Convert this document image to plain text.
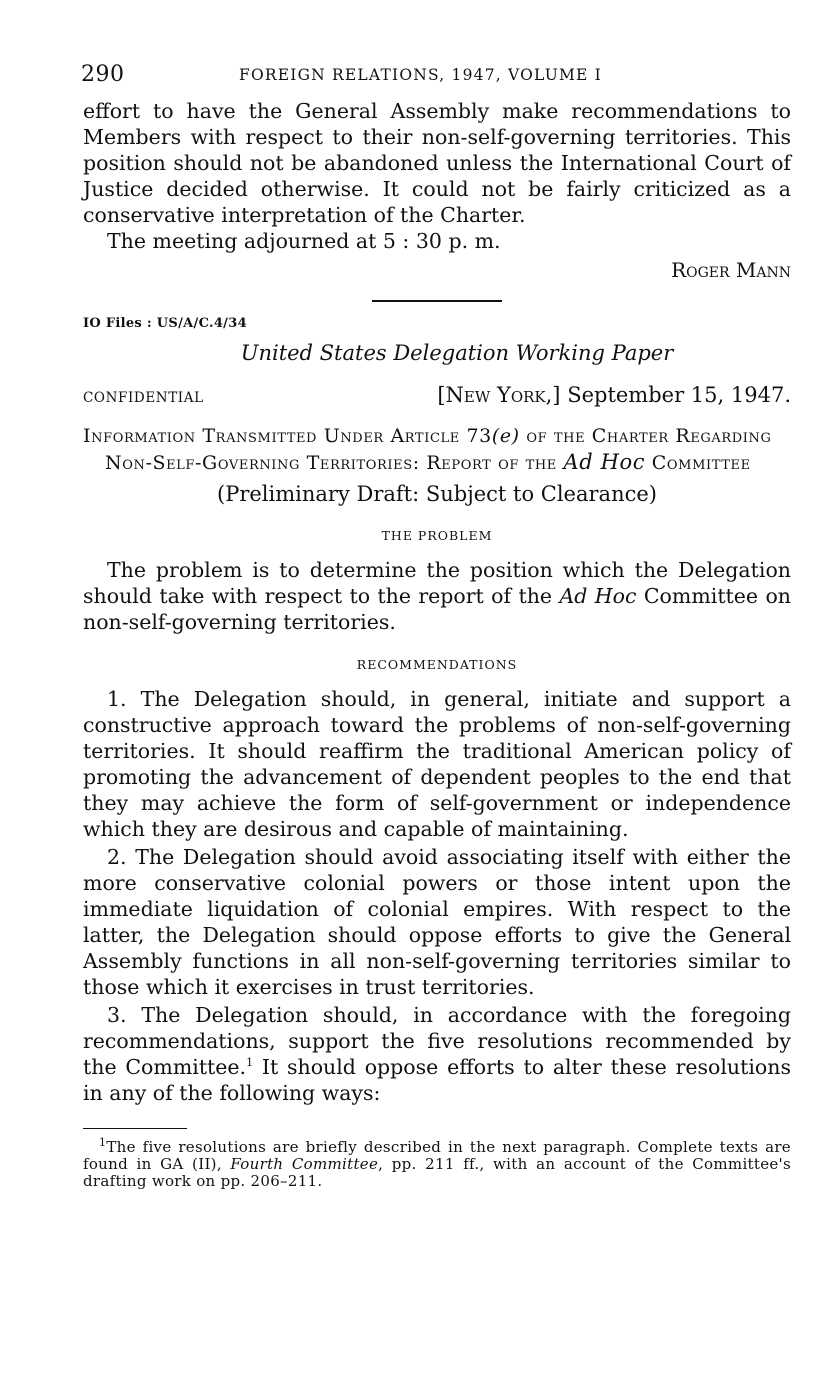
290	FOREIGN RELATIONS, 1947, VOLUME I

effort to have the General Assembly make recommendations to Members with respect to their non-self-governing territories. This position should not be abandoned unless the International Court of Justice decided otherwise. It could not be fairly criticized as a conservative interpretation of the Charter.

The meeting adjourned at 5 : 30 p. m.

Roger Mann
IO Files : US/A/C.4/34
United States Delegation Working Paper
CONFIDENTIAL	[New York,] September 15, 1947.
Information Transmitted Under Article 73(e) of the Charter Regarding Non-Self-Governing Territories: Report of the Ad Hoc Committee
(Preliminary Draft: Subject to Clearance)
THE PROBLEM

The problem is to determine the position which the Delegation should take with respect to the report of the Ad Hoc Committee on non-self-governing territories.

RECOMMENDATIONS

1. The Delegation should, in general, initiate and support a constructive approach toward the problems of non-self-governing territories. It should reaffirm the traditional American policy of promoting the advancement of dependent peoples to the end that they may achieve the form of self-government or independence which they are desirous and capable of maintaining.

2. The Delegation should avoid associating itself with either the more conservative colonial powers or those intent upon the immediate liquidation of colonial empires. With respect to the latter, the Delegation should oppose efforts to give the General Assembly functions in all non-self-governing territories similar to those which it exercises in trust territories.

3. The Delegation should, in accordance with the foregoing recommendations, support the five resolutions recommended by the Committee.$^1$ It should oppose efforts to alter these resolutions in any of the following ways:

$^1$The five resolutions are briefly described in the next paragraph. Complete texts are found in GA (II), Fourth Committee, pp. 211 ff., with an account of the Committee's drafting work on pp. 206–211.
